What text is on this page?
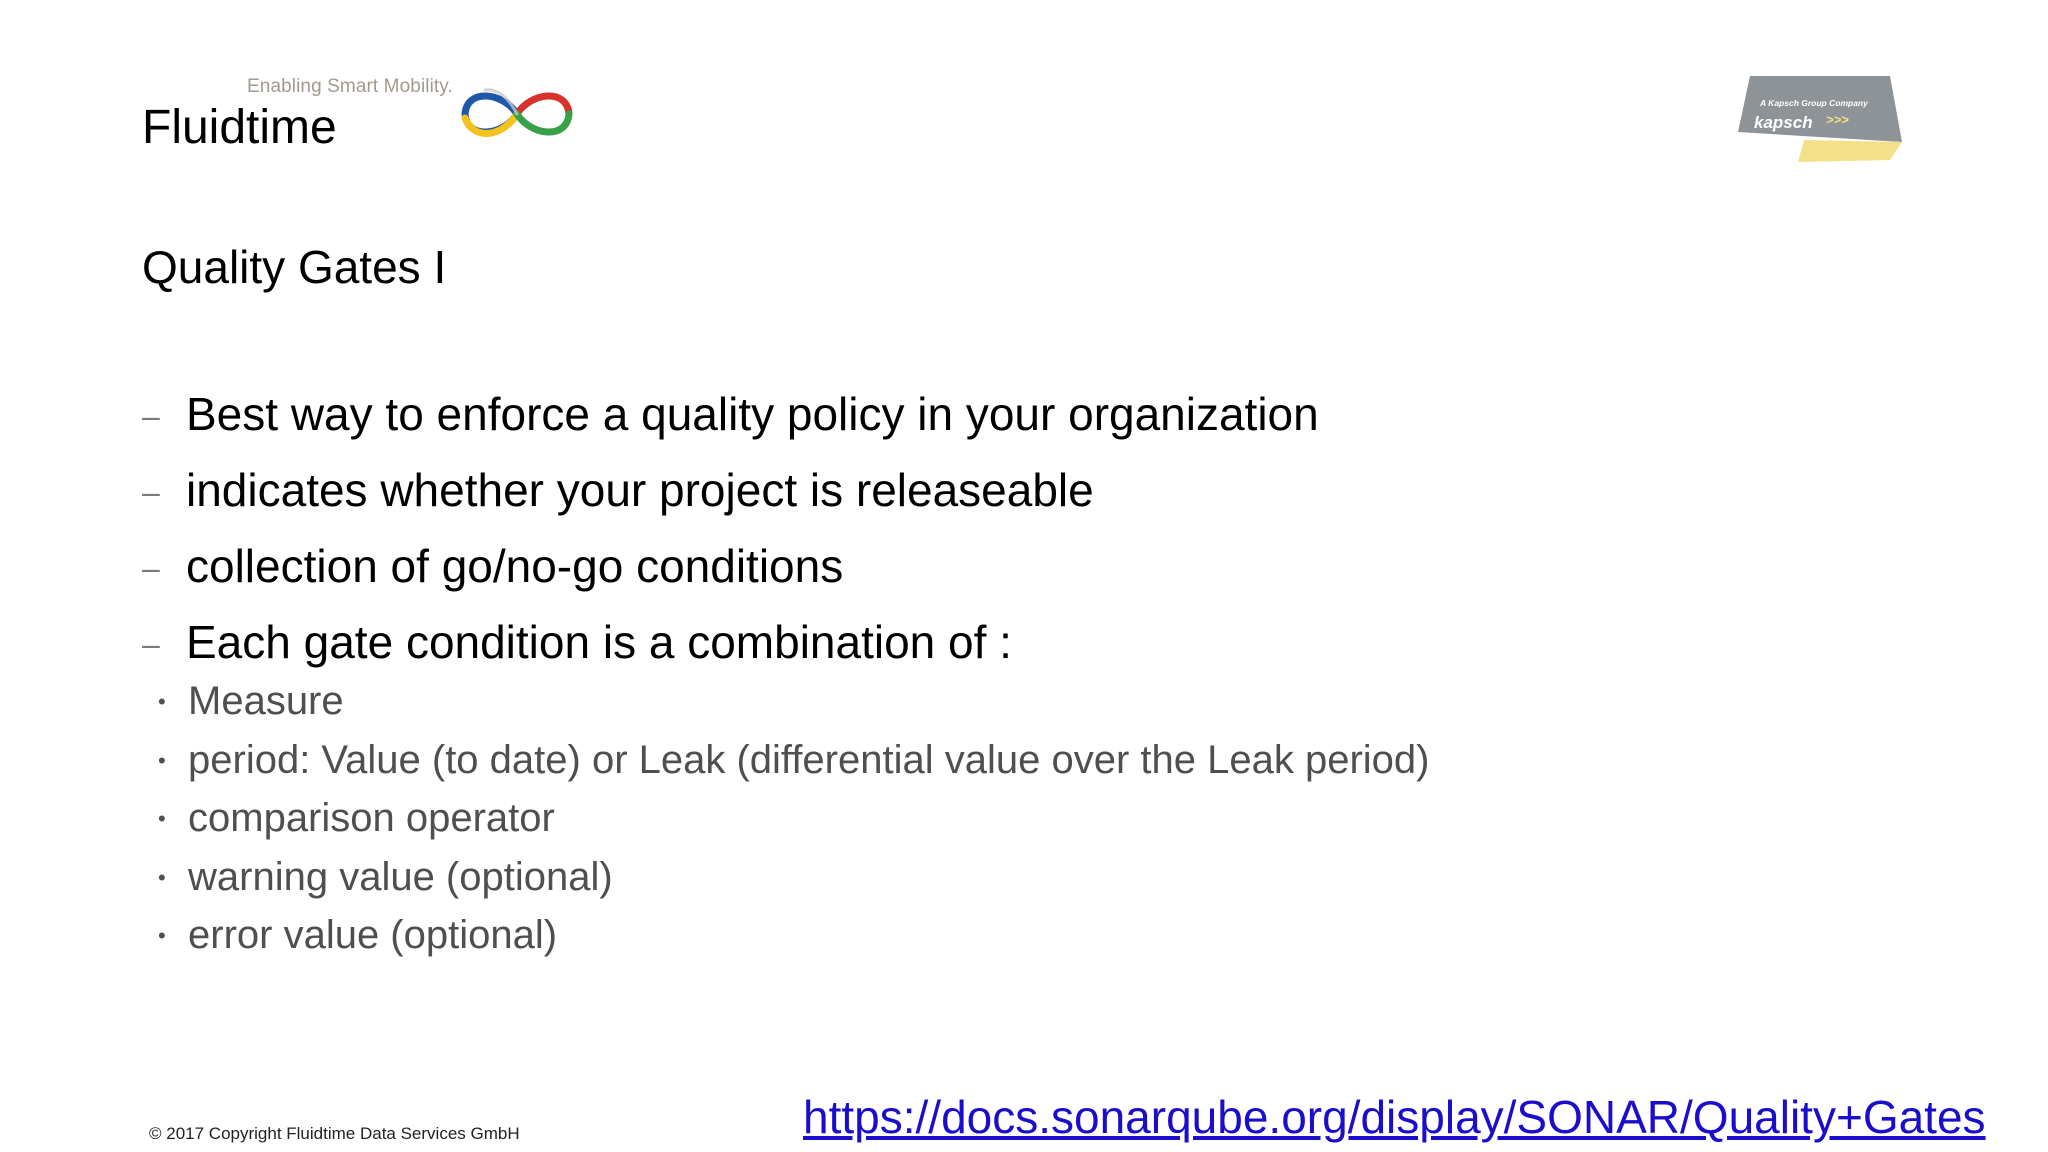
Enabling Smart Mobility.
Fluidtime	A Kapsch Group Company
kapsch >>>
Quality Gates I
– Best way to enforce a quality policy in your organization
– indicates whether your project is releaseable
– collection of go/no-go conditions
– Each gate condition is a combination of :
• Measure
• period: Value (to date) or Leak (differential value over the Leak period)
• comparison operator
• warning value (optional)
• error value (optional)
© 2017 Copyright Fluidtime Data Services GmbH	https://docs.sonarqube.org/display/SONAR/Quality+Gates
